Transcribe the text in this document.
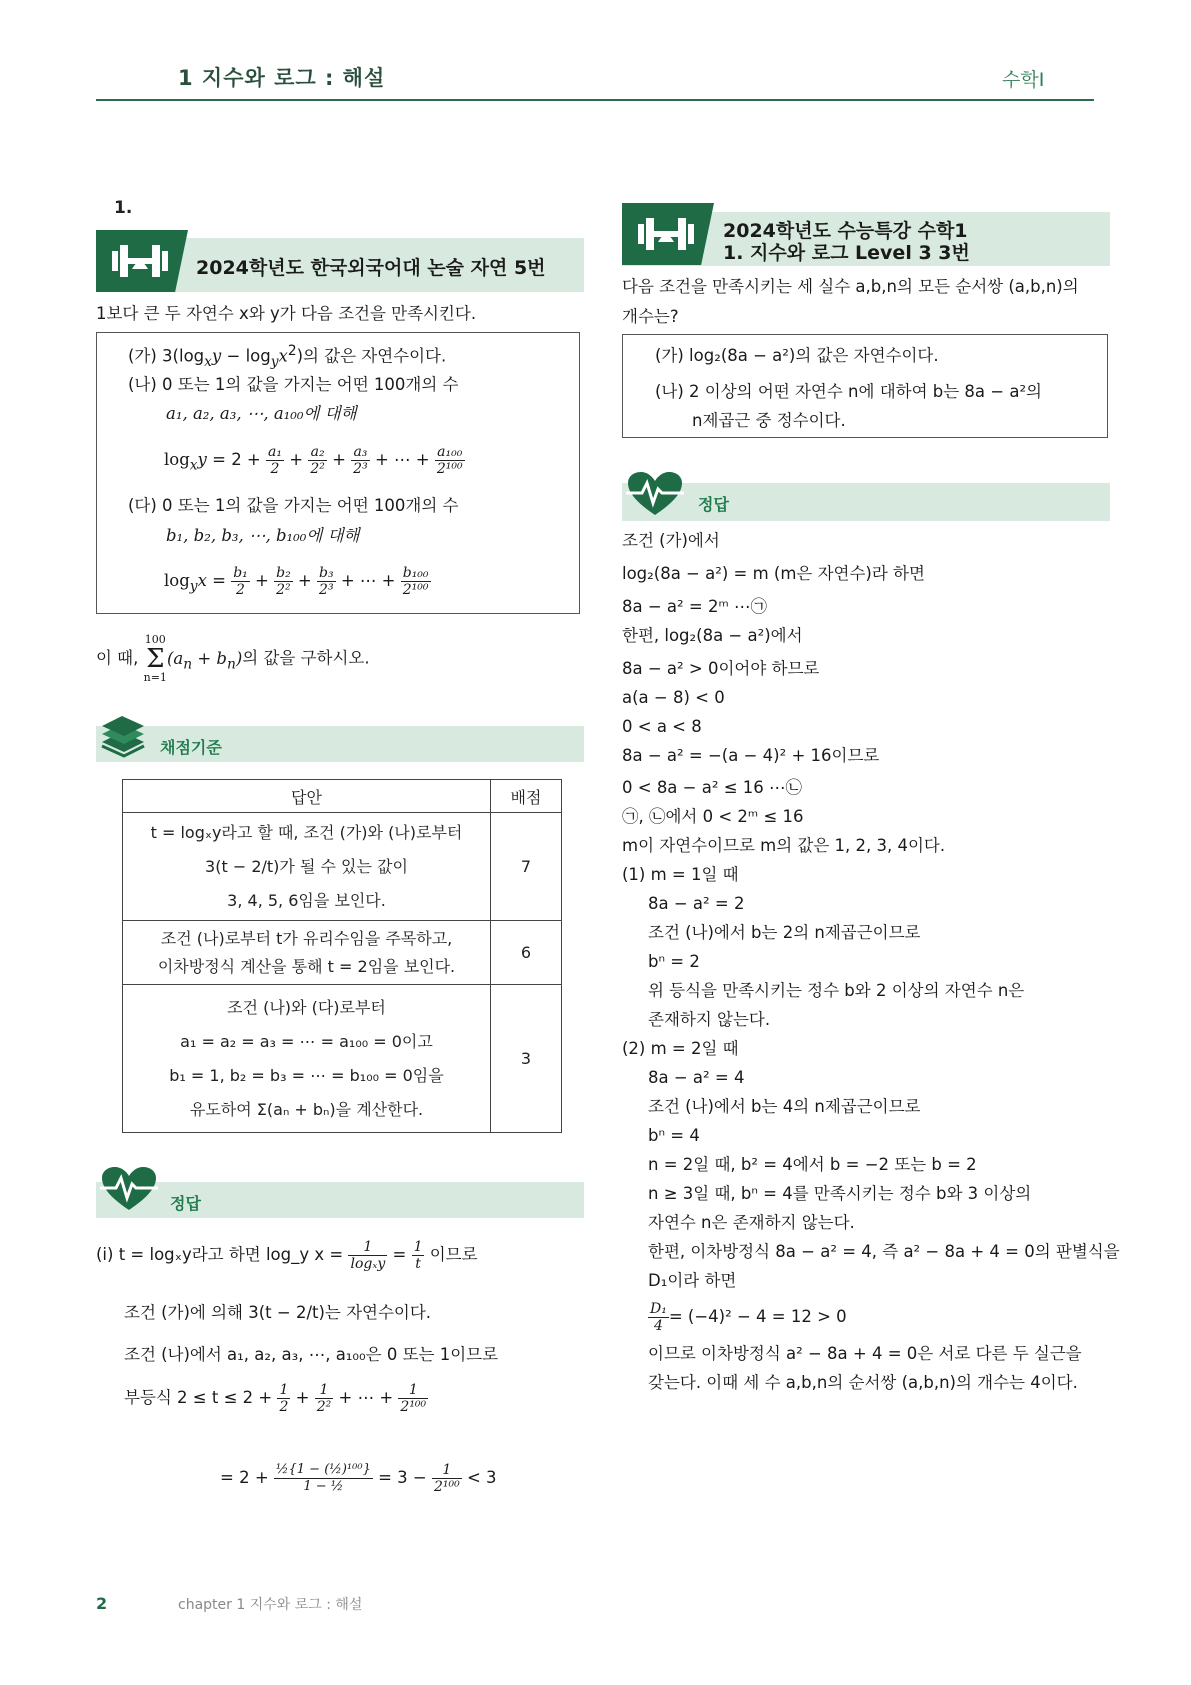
1 지수와 로그 : 해설	수학Ⅰ
1.
2024학년도 한국외국어대 논술 자연 5번
1보다 큰 두 자연수 x와 y가 다음 조건을 만족시킨다.
(가) $3(\log_xy - \log_yx^2)$의 값은 자연수이다.
(나) 0 또는 1의 값을 가지는 어떤 100개의 수
a₁, a₂, a₃, ⋯, a₁₀₀에 대해
$\log_xy = 2 + \frac{\text{a₁}}{2} + \frac{\text{a₂}}{\text{2²}} + \frac{\text{a₃}}{\text{2³}}$ + ⋯ + $\frac{\text{a₁₀₀}}{\text{2¹⁰⁰}}$
(다) 0 또는 1의 값을 가지는 어떤 100개의 수
b₁, b₂, b₃, ⋯, b₁₀₀에 대해
$\log_yx = \frac{\text{b₁}}{2} + \frac{\text{b₂}}{\text{2²}} + \frac{\text{b₃}}{\text{2³}}$ + ⋯ + $\frac{\text{b₁₀₀}}{\text{2¹⁰⁰}}$
이 때, 100
Σ
$n=1(a_n + b_n)$의 값을 구하시오.
채점기준
답안	배점

t = logₓy라고 할 때, 조건 (가)와 (나)로부터
3(t − 2/t)가 될 수 있는 값이
3, 4, 5, 6임을 보인다.	7

조건 (나)로부터 t가 유리수임을 주목하고,
이차방정식 계산을 통해 t = 2임을 보인다.	6

조건 (나)와 (다)로부터
a₁ = a₂ = a₃ = ⋯ = a₁₀₀ = 0이고
b₁ = 1, b₂ = b₃ = ⋯ = b₁₀₀ = 0임을
유도하여 Σ(aₙ + bₙ)을 계산한다.	3
정답
(i) t = logₓy라고 하면 log_y $x = \frac{1}{\text{logₓy}} = \frac{1}{t}$ 이므로
조건 (가)에 의해 3(t − 2/t)는 자연수이다.
조건 (나)에서 a₁, a₂, a₃, ⋯, a₁₀₀은 0 또는 1이므로
부등식 $2 \le t \le 2 + \frac{1}{2} + \frac{1}{\text{2²}}$ + ⋯ + $\frac{1}{\text{2¹⁰⁰}}$
= $2 + \frac{\text{½\{1 − (½)¹⁰⁰\}}}{\text{1 − ½}} = 3 - \frac{1}{\text{2¹⁰⁰}} < 3$
2024학년도 수능특강 수학1
1. 지수와 로그 Level 3 3번
다음 조건을 만족시키는 세 실수 a,b,n의 모든 순서쌍 (a,b,n)의
개수는?
(가) log₂(8a − a²)의 값은 자연수이다.
(나) 2 이상의 어떤 자연수 n에 대하여 b는 8a − a²의
n제곱근 중 정수이다.
정답
조건 (가)에서
log₂(8a − a²) = m (m은 자연수)라 하면
8a − a² = 2ᵐ ⋯㉠
한편, log₂(8a − a²)에서
8a − a² > 0이어야 하므로
a(a − 8) < 0
0 < a < 8
8a − a² = −(a − 4)² + 16이므로
0 < 8a − a² ≤ 16 ⋯㉡
㉠, ㉡에서 0 < 2ᵐ ≤ 16
m이 자연수이므로 m의 값은 1, 2, 3, 4이다.
(1) m = 1일 때
8a − a² = 2
조건 (나)에서 b는 2의 n제곱근이므로
bⁿ = 2
위 등식을 만족시키는 정수 b와 2 이상의 자연수 n은
존재하지 않는다.
(2) m = 2일 때
8a − a² = 4
조건 (나)에서 b는 4의 n제곱근이므로
bⁿ = 4
n = 2일 때, b² = 4에서 b = −2 또는 b = 2
n ≥ 3일 때, bⁿ = 4를 만족시키는 정수 b와 3 이상의
자연수 n은 존재하지 않는다.
한편, 이차방정식 8a − a² = 4, 즉 a² − 8a + 4 = 0의 판별식을
D₁이라 하면
$\frac{\text{D₁}}{4} = (-4)^2 - 4 = 12 > 0$
이므로 이차방정식 a² − 8a + 4 = 0은 서로 다른 두 실근을
갖는다. 이때 세 수 a,b,n의 순서쌍 (a,b,n)의 개수는 4이다.
2	chapter 1 지수와 로그 : 해설
